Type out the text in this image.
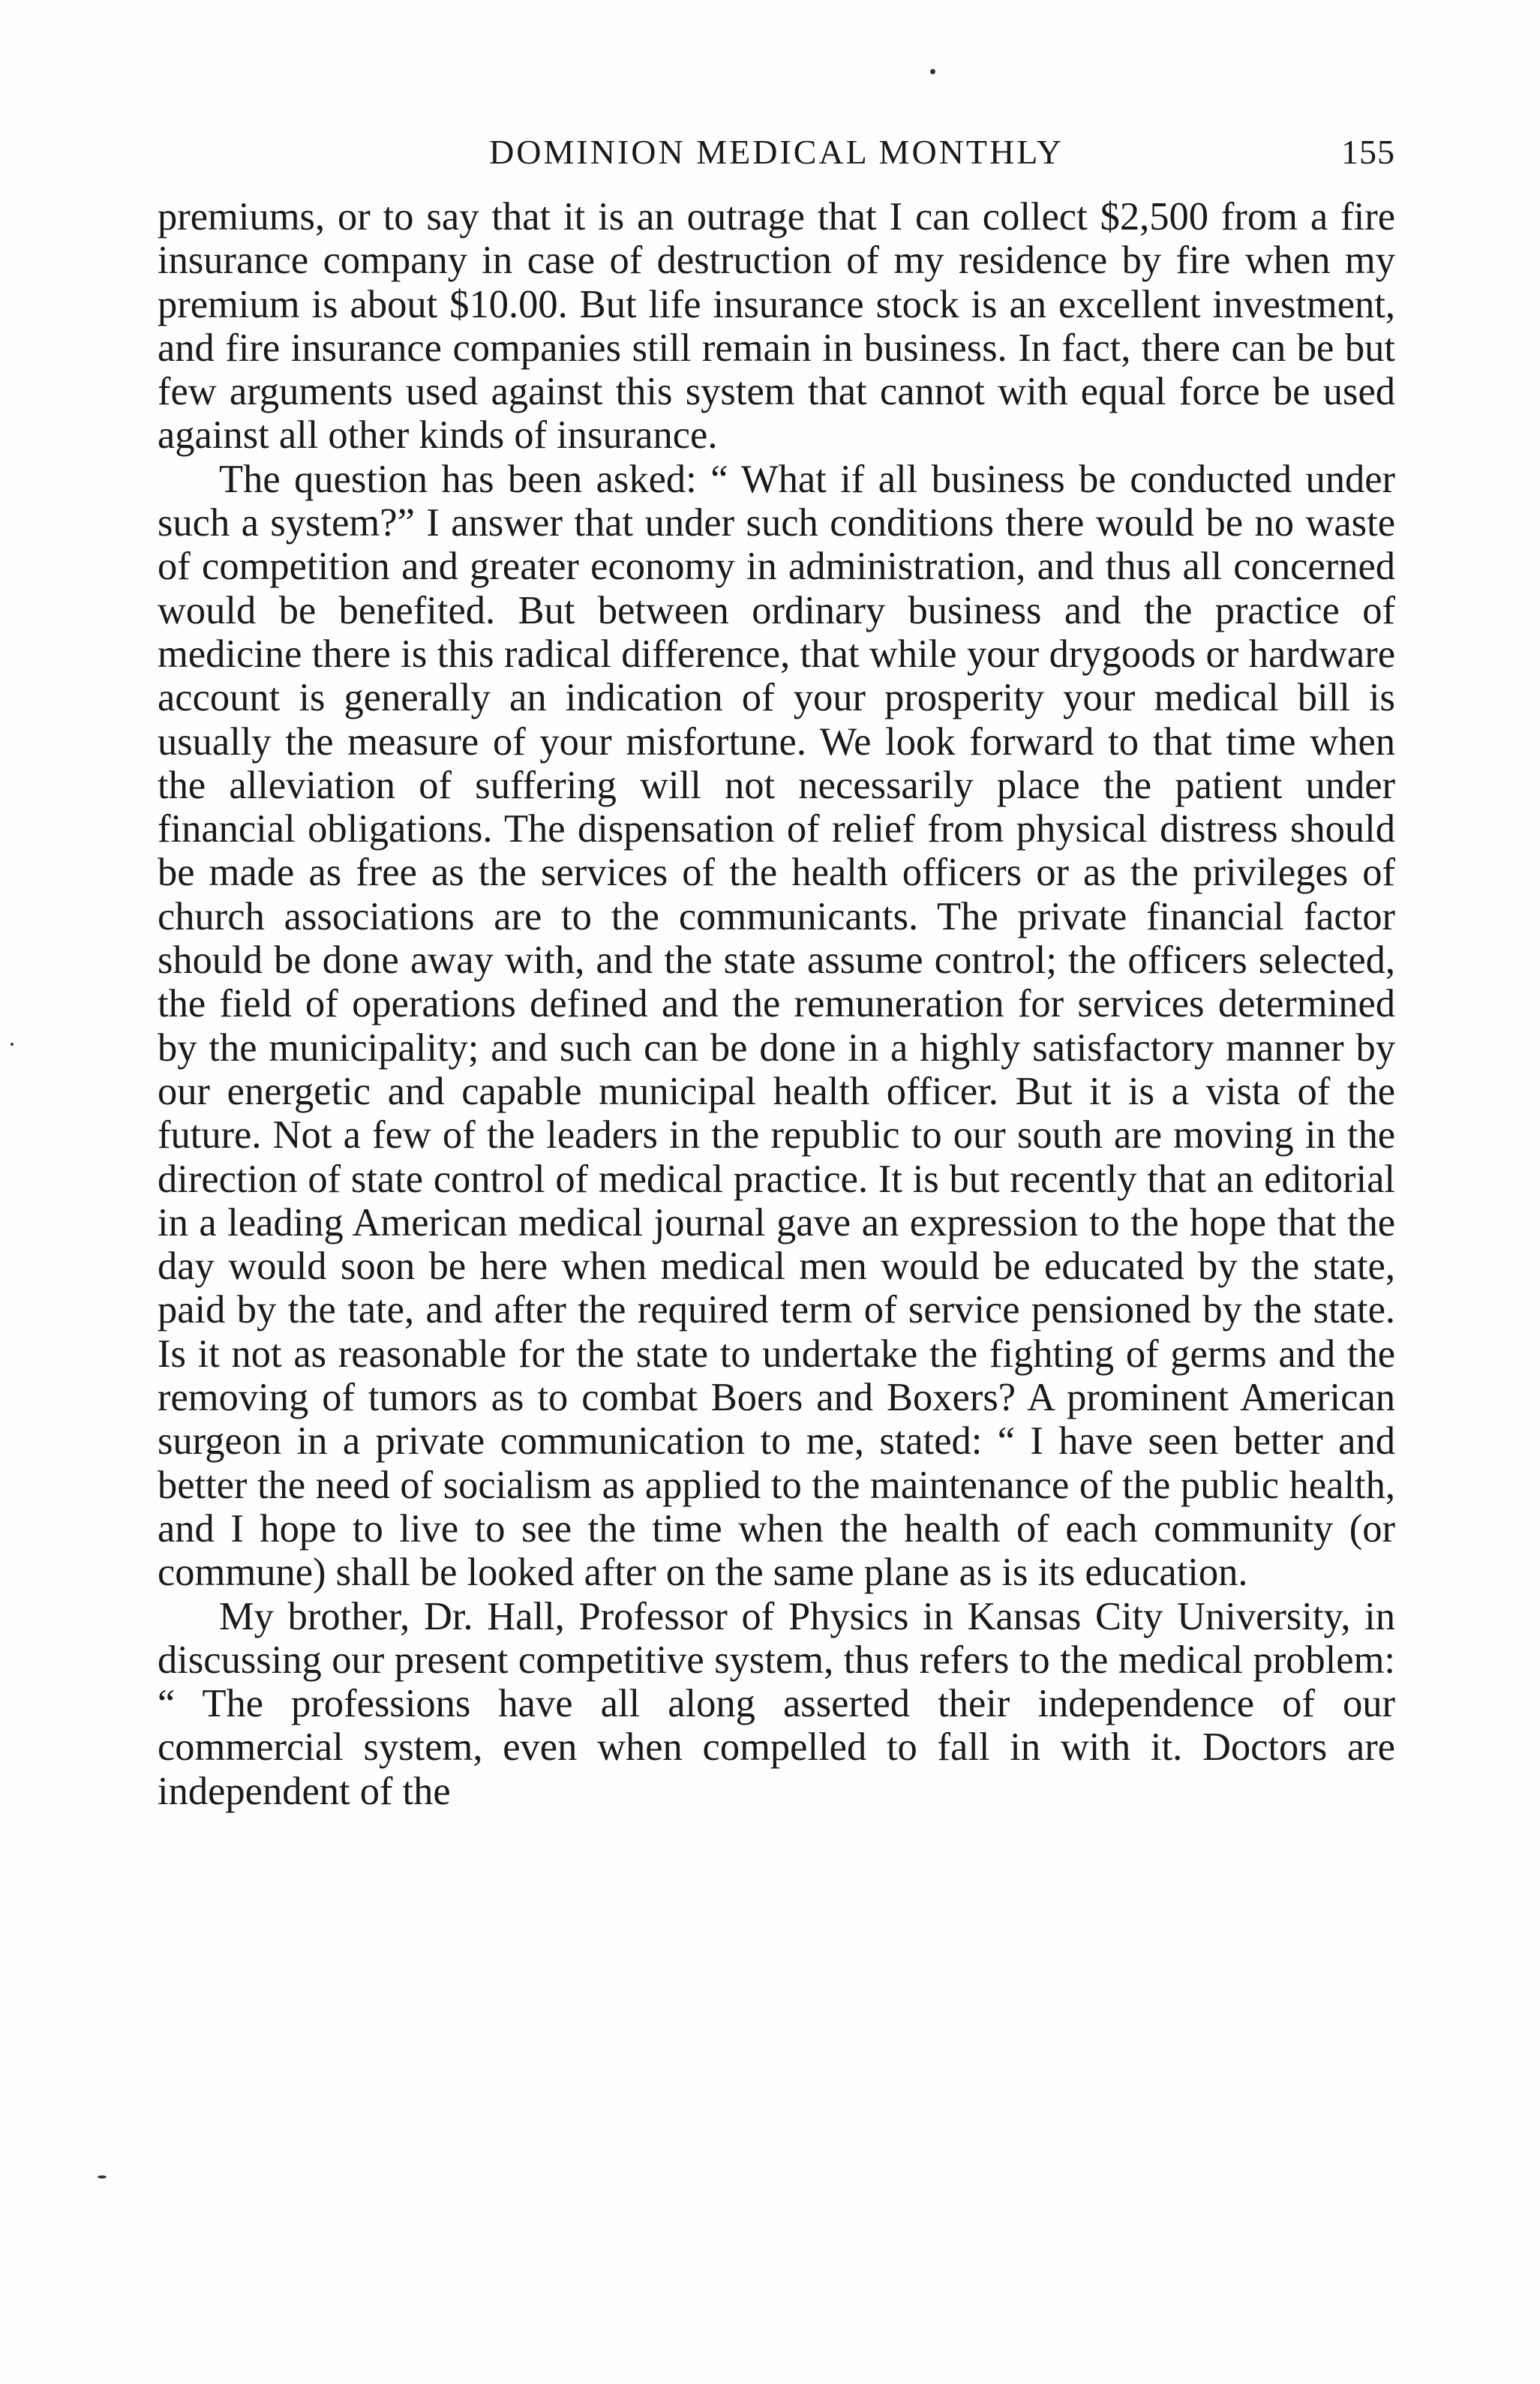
DOMINION MEDICAL MONTHLY	155

premiums, or to say that it is an outrage that I can collect $2,500 from a fire insurance company in case of destruction of my residence by fire when my premium is about $10.00. But life insurance stock is an excellent investment, and fire insurance companies still remain in business. In fact, there can be but few arguments used against this system that cannot with equal force be used against all other kinds of insurance.

The question has been asked: “ What if all business be conducted under such a system?” I answer that under such conditions there would be no waste of competition and greater economy in administration, and thus all concerned would be benefited. But between ordinary business and the practice of medicine there is this radical difference, that while your drygoods or hardware account is generally an indication of your prosperity your medical bill is usually the measure of your misfortune. We look forward to that time when the alleviation of suffering will not necessarily place the patient under financial obligations. The dispensation of relief from physical distress should be made as free as the services of the health officers or as the privileges of church associations are to the communicants. The private financial factor should be done away with, and the state assume control; the officers selected, the field of operations defined and the remuneration for services determined by the municipality; and such can be done in a highly satisfactory manner by our energetic and capable municipal health officer. But it is a vista of the future. Not a few of the leaders in the republic to our south are moving in the direction of state control of medical practice. It is but recently that an editorial in a leading American medical journal gave an expression to the hope that the day would soon be here when medical men would be educated by the state, paid by the tate, and after the required term of service pensioned by the state. Is it not as reasonable for the state to undertake the fighting of germs and the removing of tumors as to combat Boers and Boxers? A prominent American surgeon in a private communication to me, stated: “ I have seen better and better the need of socialism as applied to the maintenance of the public health, and I hope to live to see the time when the health of each community (or commune) shall be looked after on the same plane as is its education.

My brother, Dr. Hall, Professor of Physics in Kansas City University, in discussing our present competitive system, thus refers to the medical problem: “ The professions have all along asserted their independence of our commercial system, even when compelled to fall in with it. Doctors are independent of the
